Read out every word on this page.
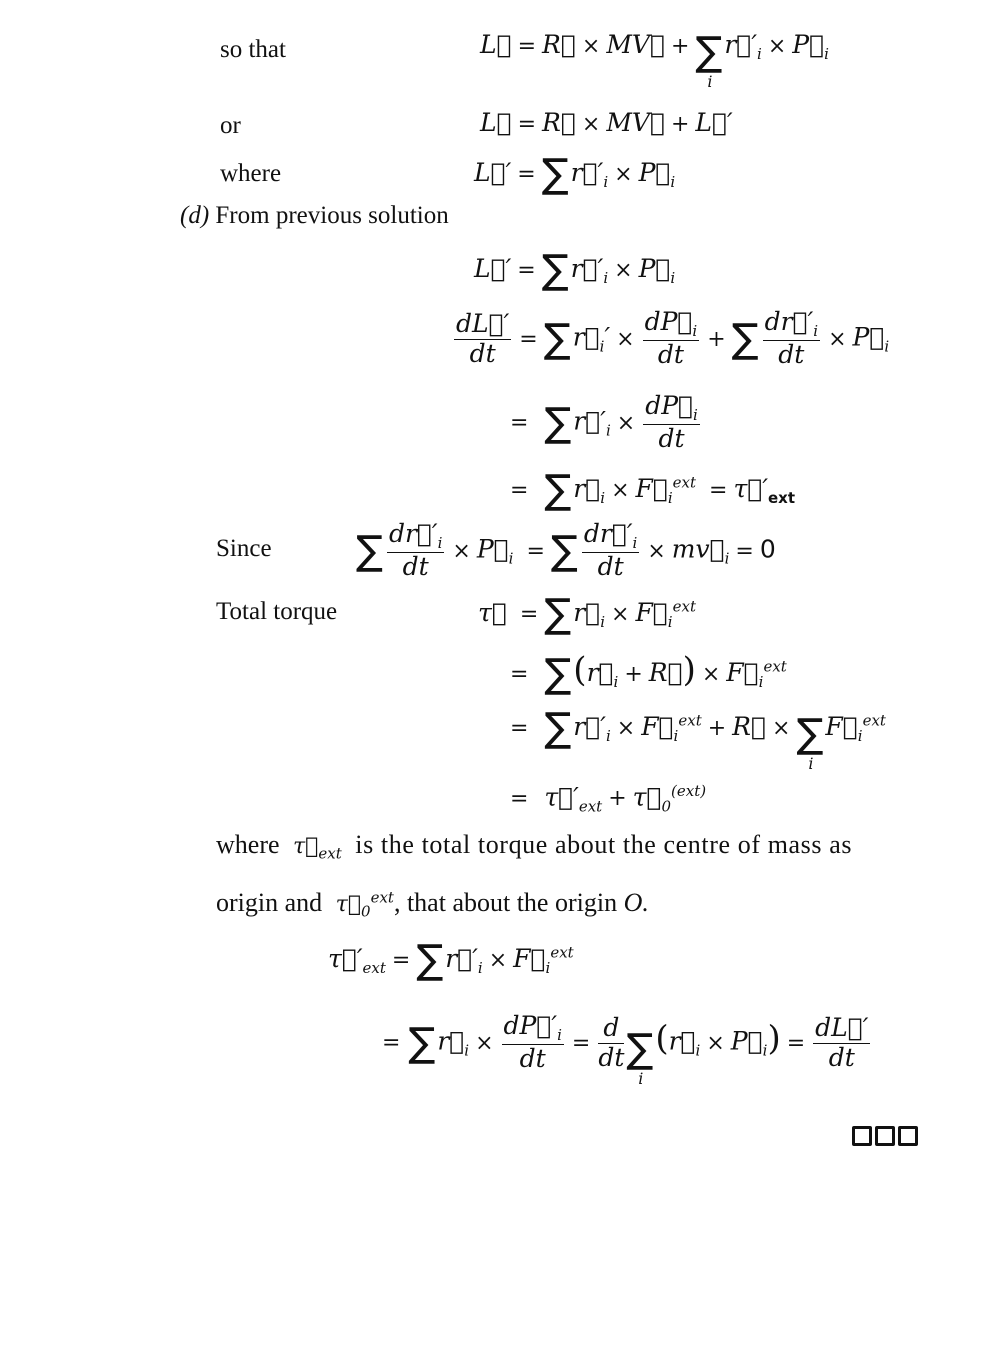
so that	L⃗ = R⃗ × MV⃗ + ∑
i
$r⃗'_i$ × $P⃗_i$
or	L⃗ = R⃗ × MV⃗ + L⃗′
where	L⃗′ = $\sum r⃗'_i$ × $P⃗_i$
(d) From previous solution
L⃗′ = $\sum r⃗'_i$ × $P⃗_i$
$\frac{dL⃗'}{dt}$ = $\sum r⃗_i' \times \frac{dP⃗_i}{dt}$ + ∑ $\frac{dr⃗'_i}{dt}$ × $P⃗_i$
= $\sum r⃗'_i \times \frac{dP⃗_i}{dt}$
= $\sum r⃗_i$ × $F⃗_i^{ext}$ = $\tau⃗'_{ext}$
Since ∑ $\frac{dr⃗'_i}{dt}$ × $P⃗_i$ = ∑ $\frac{dr⃗'_i}{dt}$ × $mv⃗_i = 0$
Total torque	τ⃗ = $\sum r⃗_i$ × $F⃗_i^{ext}$
= $\sum(r⃗_i$ + R⃗) × $F⃗_i^{ext}$
= $\sum r⃗'_i$ × $F⃗_i^{ext}$ + R⃗ × ∑
i
$F⃗_i^{ext}$
=  $\tau⃗'_{ext}$ + $\tau⃗_0^{(ext)}$
where  $\tau⃗_{ext}$ is the total torque about the centre of mass as
origin and  $\tau⃗_0^{ext}$, that about the origin O.
$\tau⃗'_{ext}$ = $\sum r⃗'_i$ × $F⃗_i^{ext}$
= $\sum r⃗_i \times \frac{dP⃗'_i}{dt} = \frac{d}{dt}$ ∑
i
($r⃗_i$ × $P⃗_i) = \frac{dL⃗'}{dt}$
